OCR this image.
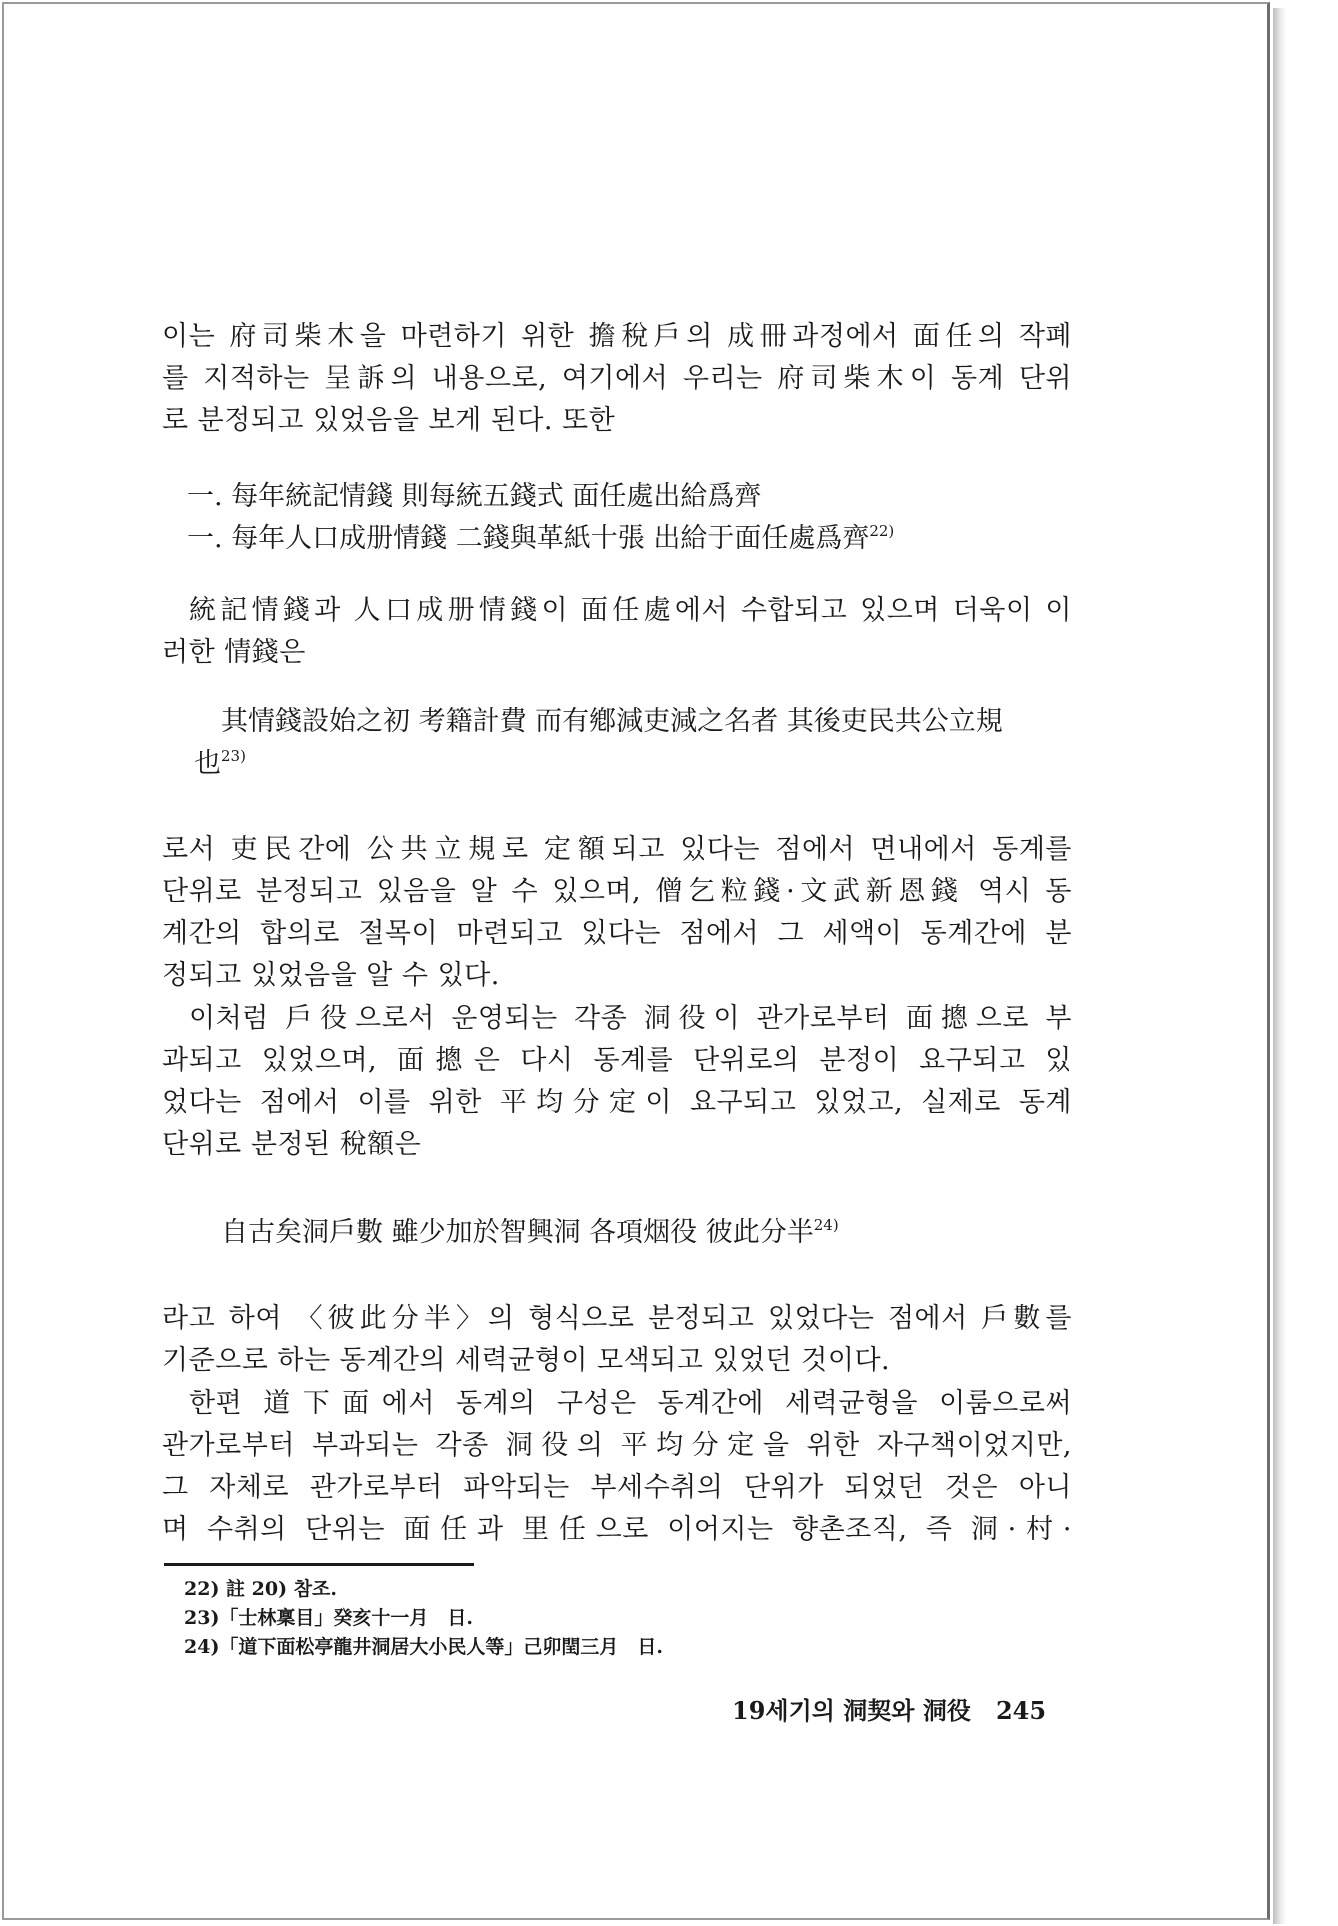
이는 府司柴木을 마련하기 위한 擔稅戶의 成冊과정에서 面任의 작폐
를 지적하는 呈訴의 내용으로, 여기에서 우리는 府司柴木이 동계 단위
로 분정되고 있었음을 보게 된다. 또한
一. 每年統記情錢 則每統五錢式 面任處出給爲齊
一. 每年人口成册情錢 二錢與革紙十張 出給于面任處爲齊$^{22)}$
統記情錢과 人口成册情錢이 面任處에서 수합되고 있으며 더욱이 이
러한 情錢은
其情錢設始之初 考籍計費 而有鄕減吏減之名者 其後吏民共公立規
也$^{23)}$
로서 吏民간에 公共立規로 定額되고 있다는 점에서 면내에서 동계를
단위로 분정되고 있음을 알 수 있으며, 僧乞粒錢·文武新恩錢 역시 동
계간의 합의로 절목이 마련되고 있다는 점에서 그 세액이 동계간에 분
정되고 있었음을 알 수 있다.
이처럼 戶役으로서 운영되는 각종 洞役이 관가로부터 面摠으로 부
과되고 있었으며, 面摠은 다시 동계를 단위로의 분정이 요구되고 있
었다는 점에서 이를 위한 平均分定이 요구되고 있었고, 실제로 동계
단위로 분정된 稅額은
自古矣洞戶數 雖少加於智興洞 各項烟役 彼此分半$^{24)}$
라고 하여 〈彼此分半〉의 형식으로 분정되고 있었다는 점에서 戶數를
기준으로 하는 동계간의 세력균형이 모색되고 있었던 것이다.
한편 道下面에서 동계의 구성은 동계간에 세력균형을 이룸으로써
관가로부터 부과되는 각종 洞役의 平均分定을 위한 자구책이었지만,
그 자체로 관가로부터 파악되는 부세수취의 단위가 되었던 것은 아니
며 수취의 단위는 面任과 里任으로 이어지는 향촌조직, 즉 洞·村·
22) 註 20) 참조.
23)「士林稟目」癸亥十一月　日.
24)「道下面松亭龍井洞居大小民人等」己卯閏三月　日.
19세기의 洞契와 洞役 245
